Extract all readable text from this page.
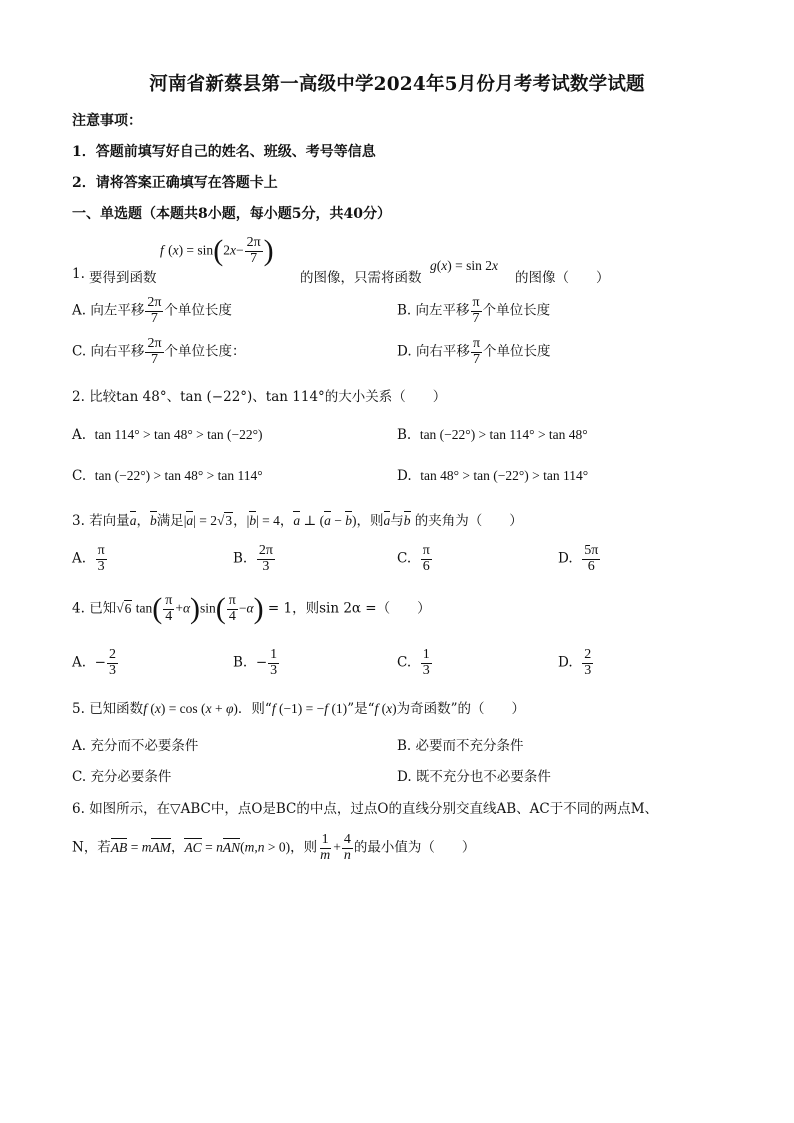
河南省新蔡县第一高级中学2024年5月份月考考试数学试题
注意事项：
1．答题前填写好自己的姓名、班级、考号等信息
2．请将答案正确填写在答题卡上
一、单选题（本题共8小题，每小题5分，共40分）
1. 要得到函数
f $(x) = \sin(2x- \frac{2\pi}{7}$ )
的图像，只需将函数
g(x) = sin 2x
的图像（　　）
A. 向左平移 $\frac{2\pi}{7}$ 个单位长度	B. 向左平移 $\frac{\pi}{7}$ 个单位长度
C. 向右平移 $\frac{2\pi}{7}$ 个单位长度：	D. 向右平移 $\frac{\pi}{7}$ 个单位长度
2. 比较tan 48°、tan (−22°)、tan 114°的大小关系（　　）
A. tan 114° > tan 48° > tan (−22°)	B. tan (−22°) > tan 114° > tan 48°
C. tan (−22°) > tan 48° > tan 114°	D. tan 48° > tan (−22°) > tan 114°
3. 若向量a，b满足|a| = 2√3，|b| = 4，a ⊥ (a − b)，则a与b 的夹角为（　　）
A. $\frac{\pi}{3}$	B. $\frac{2\pi}{3}$	C. $\frac{\pi}{6}$	D. $\frac{5\pi}{6}$
4. 已知√6 $\tan( \frac{\pi}{4} +\alpha)\sin( \frac{\pi}{4} -\alpha) = 1$，则sin 2α =（　　）
A. − $\frac{2}{3}$	B. − $\frac{1}{3}$	C. $\frac{1}{3}$	D. $\frac{2}{3}$
5. 已知函数f (x) = cos (x + φ)．则“f (−1) = −f (1)”是“f (x)为奇函数”的（　　）
A. 充分而不必要条件	B. 必要而不充分条件
C. 充分必要条件	D. 既不充分也不必要条件
6. 如图所示，在▽ABC中，点O是BC的中点，过点O的直线分别交直线AB、AC于不同的两点M、
N，若AB = mAM，AC = nAN(m,n > 0)，则 $\frac{1}{m} + \frac{4}{n}$ 的最小值为（　　）
